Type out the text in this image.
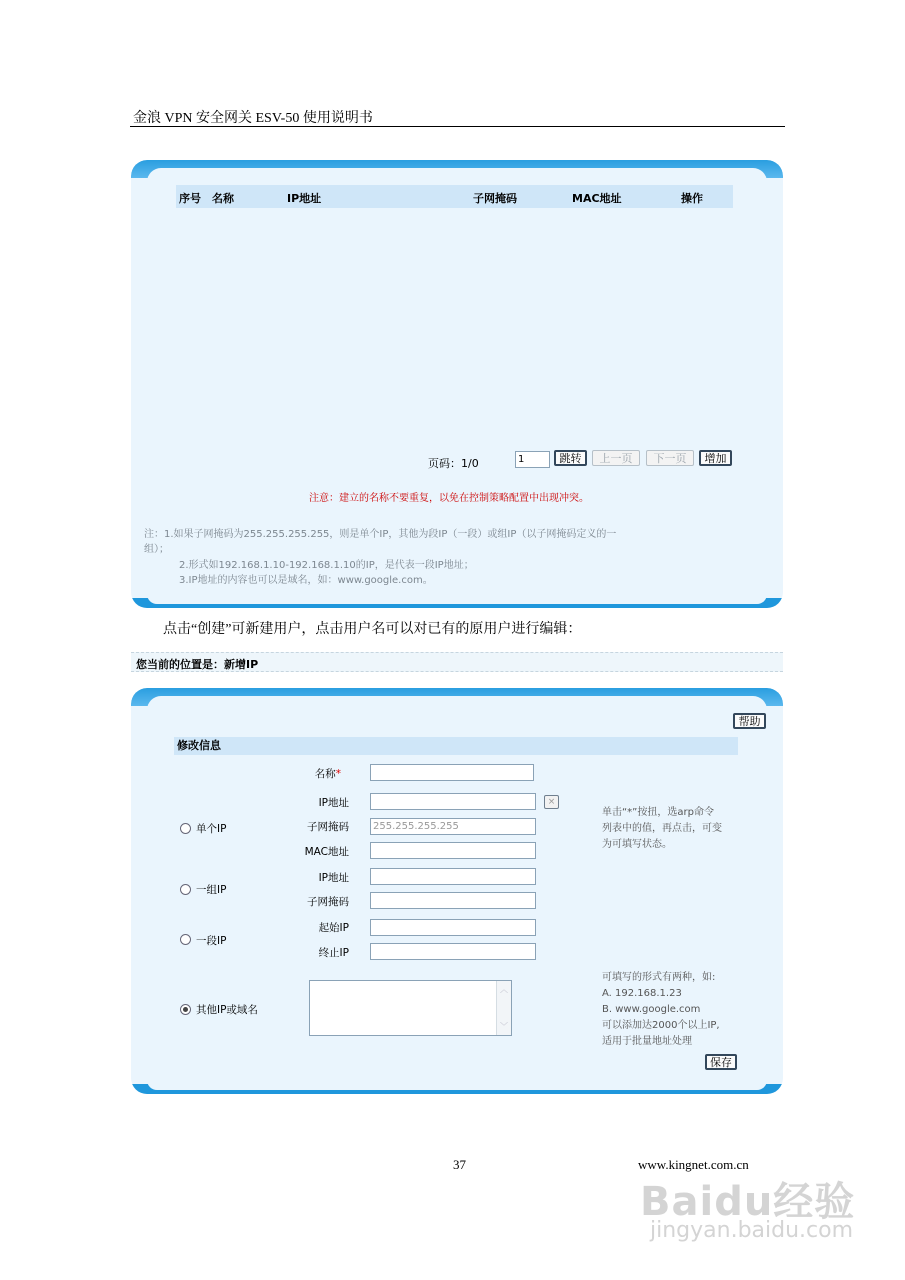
金浪 VPN 安全网关 ESV-50 使用说明书
序号 名称	IP地址	子网掩码	MAC地址	操作
页码：1/0	1	跳转	上一页	下一页	增加
注意：建立的名称不要重复，以免在控制策略配置中出现冲突。
注：1.如果子网掩码为255.255.255.255，则是单个IP，其他为段IP（一段）或组IP（以子网掩码定义的一
组）；
2.形式如192.168.1.10-192.168.1.10的IP，是代表一段IP地址；
3.IP地址的内容也可以是域名，如：www.google.com。
点击“创建”可新建用户，点击用户名可以对已有的原用户进行编辑：
您当前的位置是：新增IP
帮助
修改信息
名称*
IP地址	×
子网掩码	255.255.255.255
MAC地址
单个IP
单击“*”按扭，选arp命令
列表中的值，再点击，可变
为可填写状态。
IP地址
子网掩码
一组IP
起始IP
终止IP
一段IP
︿
﹀
其他IP或域名
可填写的形式有两种，如:
A. 192.168.1.23
B. www.google.com
可以添加达2000个以上IP,
适用于批量地址处理
保存
37	www.kingnet.com.cn
Baidu经验
jingyan.baidu.com
